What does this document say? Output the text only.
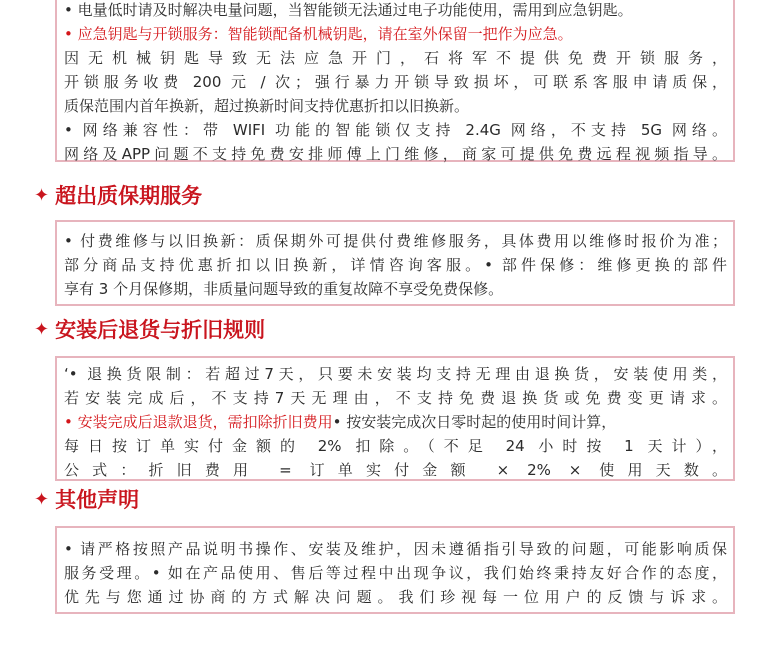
• 电量低时请及时解决电量问题，当智能锁无法通过电子功能使用，需用到应急钥匙。
• 应急钥匙与开锁服务：智能锁配备机械钥匙，请在室外保留一把作为应急。
因无机械钥匙导致无法应急开门，石将军不提供免费开锁服务，
开锁服务收费 200 元 / 次；强行暴力开锁导致损坏，可联系客服申请质保，
质保范围内首年换新，超过换新时间支持优惠折扣以旧换新。
• 网络兼容性：带 WIFI 功能的智能锁仅支持 2.4G 网络，不支持 5G 网络。
网络及APP问题不支持免费安排师傅上门维修，商家可提供免费远程视频指导。
✦ 超出质保期服务
• 付费维修与以旧换新：质保期外可提供付费维修服务，具体费用以维修时报价为准；
部分商品支持优惠折扣以旧换新，详情咨询客服。• 部件保修：维修更换的部件
享有 3 个月保修期，非质量问题导致的重复故障不享受免费保修。
✦ 安装后退货与折旧规则
‘• 退换货限制：若超过7天，只要未安装均支持无理由退换货，安装使用类，
若安装完成后，不支持7天无理由，不支持免费退换货或免费变更请求。
• 安装完成后退款退货，需扣除折旧费用• 按安装完成次日零时起的使用时间计算，
每日按订单实付金额的 2% 扣除。（不足 24 小时按 1 天计），
公式：折旧费用 = 订单实付金额 × 2% × 使用天数。
✦ 其他声明
• 请严格按照产品说明书操作、安装及维护，因未遵循指引导致的问题，可能影响质保
服务受理。• 如在产品使用、售后等过程中出现争议，我们始终秉持友好合作的态度，
优先与您通过协商的方式解决问题。我们珍视每一位用户的反馈与诉求。
